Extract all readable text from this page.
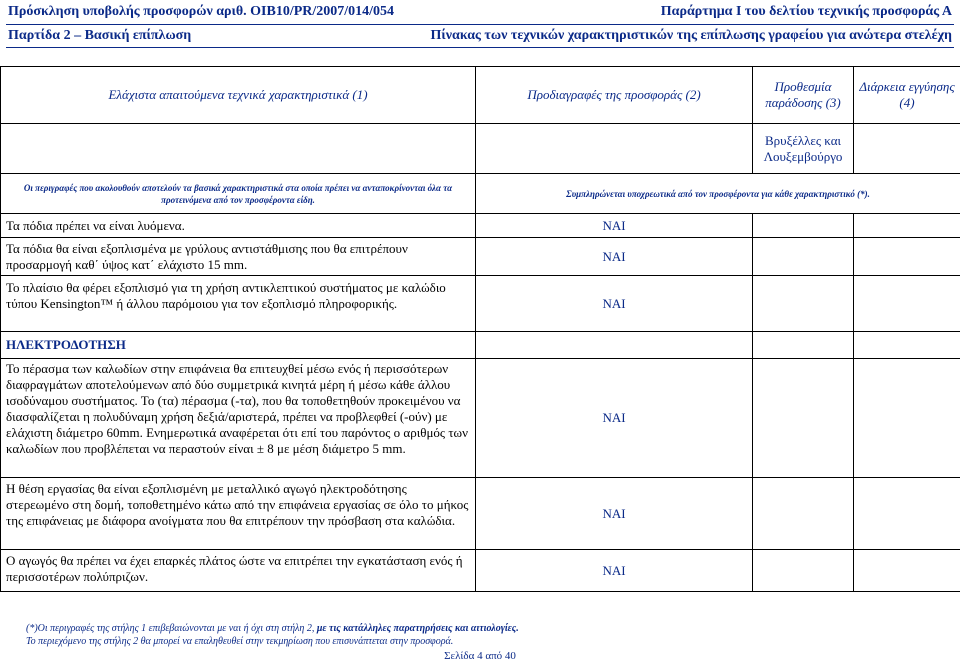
Πρόσκληση υποβολής προσφορών αριθ. OIB10/PR/2007/014/054	Παράρτημα Ι του δελτίου τεχνικής προσφοράς Α
Παρτίδα 2 – Βασική επίπλωση	Πίνακας των τεχνικών χαρακτηριστικών της επίπλωσης γραφείου για ανώτερα στελέχη
Ελάχιστα απαιτούμενα τεχνικά χαρακτηριστικά (1)	Προδιαγραφές της προσφοράς (2)	Προθεσμία παράδοσης (3)	Διάρκεια εγγύησης (4)
		Βρυξέλλες και Λουξεμβούργο	
Οι περιγραφές που ακολουθούν αποτελούν τα βασικά χαρακτηριστικά στα οποία πρέπει να ανταποκρίνονται όλα τα προτεινόμενα από τον προσφέροντα είδη.	Συμπληρώνεται υποχρεωτικά από τον προσφέροντα για κάθε χαρακτηριστικό (*).		
Τα πόδια πρέπει να είναι λυόμενα.	ΝΑΙ		
Τα πόδια θα είναι εξοπλισμένα με γρύλους αντιστάθμισης που θα επιτρέπουν προσαρμογή καθ΄ ύψος κατ΄ ελάχιστο 15 mm.	ΝΑΙ		
Το πλαίσιο θα φέρει εξοπλισμό για τη χρήση αντικλεπτικού συστήματος με καλώδιο τύπου Kensington™ ή άλλου παρόμοιου για τον εξοπλισμό πληροφορικής.	ΝΑΙ		
ΗΛΕΚΤΡΟΔΟΤΗΣΗ			
Το πέρασμα των καλωδίων στην επιφάνεια θα επιτευχθεί μέσω ενός ή περισσότερων διαφραγμάτων αποτελούμενων από δύο συμμετρικά κινητά μέρη ή μέσω κάθε άλλου ισοδύναμου συστήματος. Το (τα) πέρασμα (-τα), που θα τοποθετηθούν προκειμένου να διασφαλίζεται η πολυδύναμη χρήση δεξιά/αριστερά, πρέπει να προβλεφθεί (-ούν) με ελάχιστη διάμετρο 60mm. Ενημερωτικά αναφέρεται ότι επί του παρόντος ο αριθμός των καλωδίων που προβλέπεται να περαστούν είναι ± 8 με μέση διάμετρο 5 mm.	ΝΑΙ		
Η θέση εργασίας θα είναι εξοπλισμένη με μεταλλικό αγωγό ηλεκτροδότησης στερεωμένο στη δομή, τοποθετημένο κάτω από την επιφάνεια εργασίας σε όλο το μήκος της επιφάνειας με διάφορα ανοίγματα που θα επιτρέπουν την πρόσβαση στα καλώδια.	ΝΑΙ		
Ο αγωγός θα πρέπει να έχει επαρκές πλάτος ώστε να επιτρέπει την εγκατάσταση ενός ή περισσοτέρων πολύπριζων.	ΝΑΙ		
(*)Οι περιγραφές της στήλης 1 επιβεβαιώνονται με ναι ή όχι στη στήλη 2, με τις κατάλληλες παρατηρήσεις και αιτιολογίες.
Το περιεχόμενο της στήλης 2 θα μπορεί να επαληθευθεί στην τεκμηρίωση που επισυνάπτεται στην προσφορά.
Σελίδα 4 από 40
